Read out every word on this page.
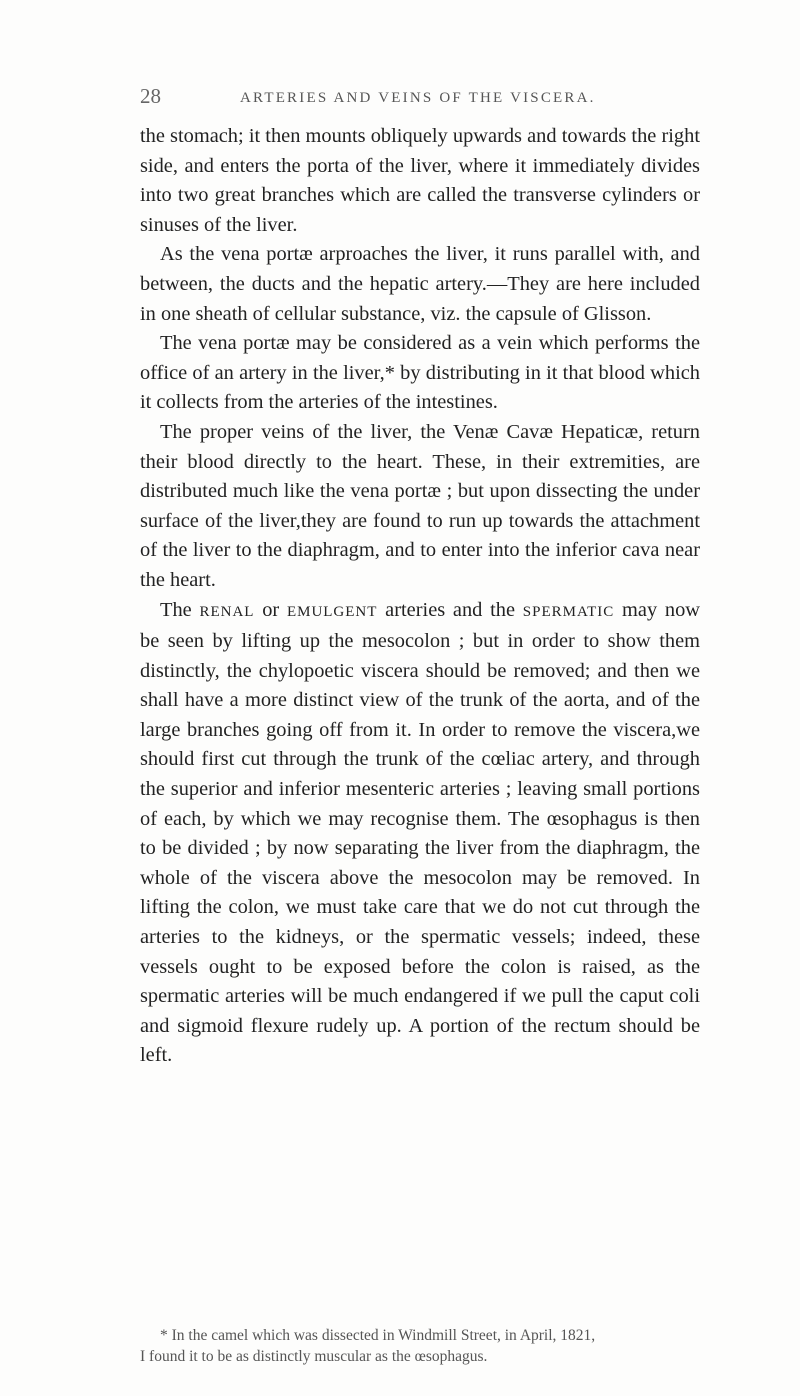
28	ARTERIES AND VEINS OF THE VISCERA.

the stomach; it then mounts obliquely upwards and towards the right side, and enters the porta of the liver, where it immediately divides into two great branches which are called the transverse cylinders or sinuses of the liver.

As the vena portæ arproaches the liver, it runs parallel with, and between, the ducts and the hepatic artery.—They are here included in one sheath of cellular substance, viz. the capsule of Glisson.

The vena portæ may be considered as a vein which performs the office of an artery in the liver,* by distributing in it that blood which it collects from the arteries of the intestines.

The proper veins of the liver, the Venæ Cavæ Hepaticæ, return their blood directly to the heart. These, in their extremities, are distributed much like the vena portæ ; but upon dissecting the under surface of the liver,they are found to run up towards the attachment of the liver to the diaphragm, and to enter into the inferior cava near the heart.

The RENAL or EMULGENT arteries and the SPERMATIC may now be seen by lifting up the mesocolon ; but in order to show them distinctly, the chylopoetic viscera should be removed; and then we shall have a more distinct view of the trunk of the aorta, and of the large branches going off from it. In order to remove the viscera,we should first cut through the trunk of the cœliac artery, and through the superior and inferior mesenteric arteries ; leaving small portions of each, by which we may recognise them. The œsophagus is then to be divided ; by now separating the liver from the diaphragm, the whole of the viscera above the mesocolon may be removed. In lifting the colon, we must take care that we do not cut through the arteries to the kidneys, or the spermatic vessels; indeed, these vessels ought to be exposed before the colon is raised, as the spermatic arteries will be much endangered if we pull the caput coli and sigmoid flexure rudely up. A portion of the rectum should be left.

* In the camel which was dissected in Windmill Street, in April, 1821,

I found it to be as distinctly muscular as the œsophagus.
